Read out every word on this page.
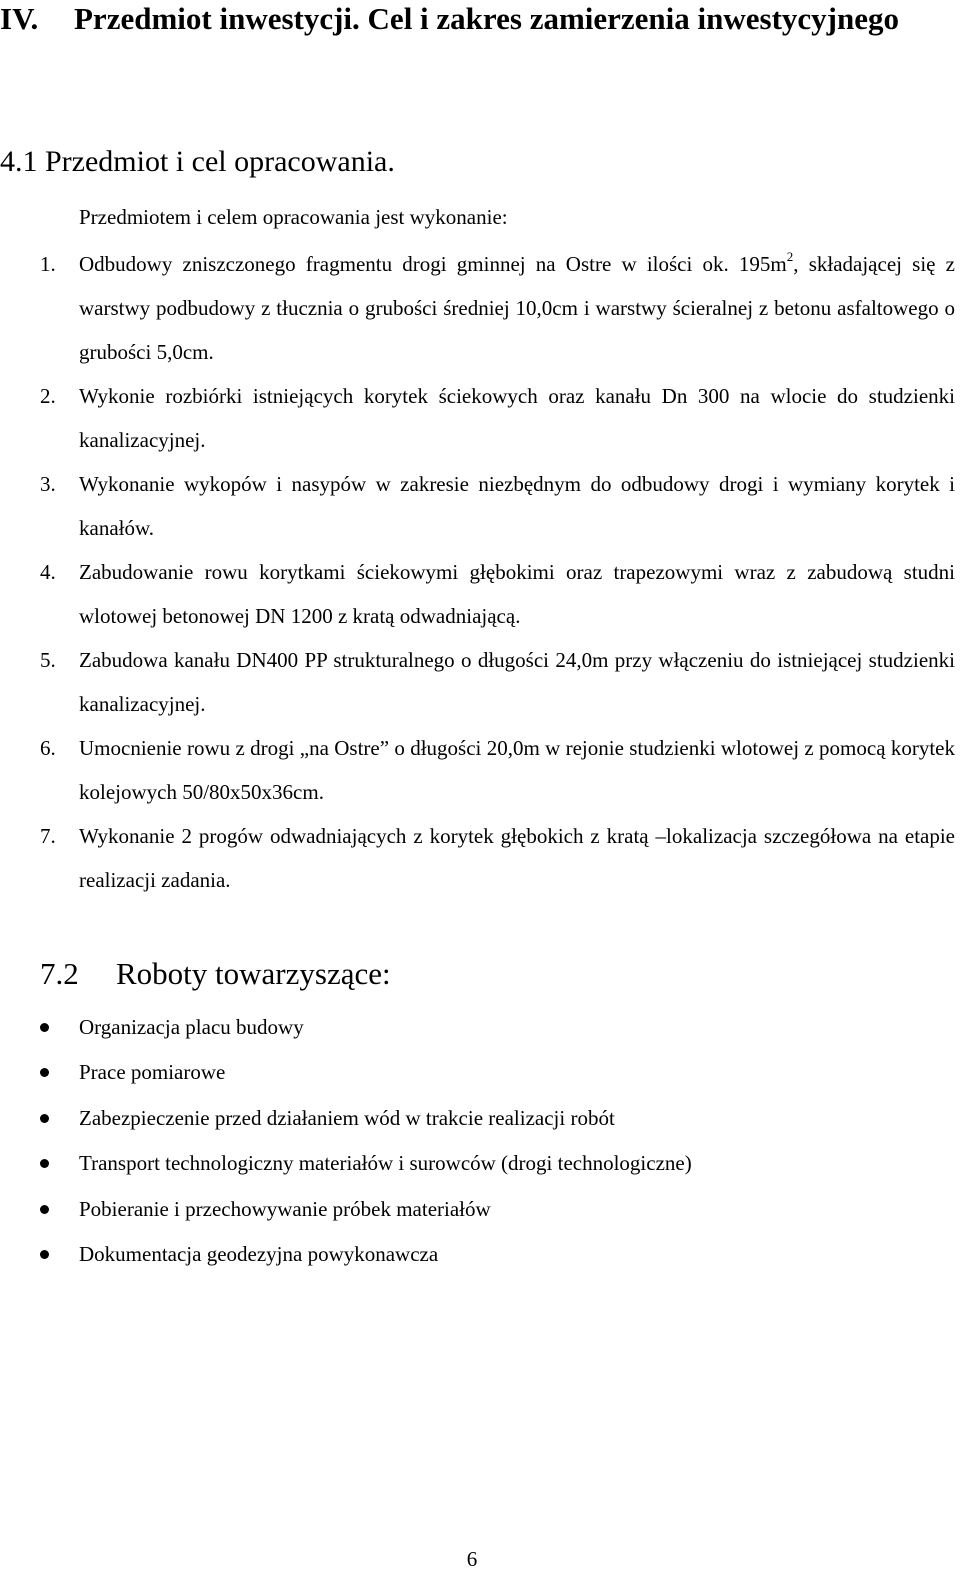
IV. Przedmiot inwestycji. Cel i zakres zamierzenia inwestycyjnego
4.1 Przedmiot i cel opracowania.

Przedmiotem i celem opracowania jest wykonanie:

1. Odbudowy zniszczonego fragmentu drogi gminnej na Ostre w ilości ok. $195m^2$, składającej się z warstwy podbudowy z tłucznia o grubości średniej 10,0cm i warstwy ścieralnej z betonu asfaltowego o grubości 5,0cm.
2. Wykonie rozbiórki istniejących korytek ściekowych oraz kanału Dn 300 na wlocie do studzienki kanalizacyjnej.
3. Wykonanie wykopów i nasypów w zakresie niezbędnym do odbudowy drogi i wymiany korytek i kanałów.
4. Zabudowanie rowu korytkami ściekowymi głębokimi oraz trapezowymi wraz z zabudową studni wlotowej betonowej DN 1200 z kratą odwadniającą.
5. Zabudowa kanału DN400 PP strukturalnego o długości 24,0m przy włączeniu do istniejącej studzienki kanalizacyjnej.
6. Umocnienie rowu z drogi „na Ostre” o długości 20,0m w rejonie studzienki wlotowej z pomocą korytek kolejowych 50/80x50x36cm.
7. Wykonanie 2 progów odwadniających z korytek głębokich z kratą –lokalizacja szczegółowa na etapie realizacji zadania.
7.2 Roboty towarzyszące:
Organizacja placu budowy
Prace pomiarowe
Zabezpieczenie przed działaniem wód w trakcie realizacji robót
Transport technologiczny materiałów i surowców (drogi technologiczne)
Pobieranie i przechowywanie próbek materiałów
Dokumentacja geodezyjna powykonawcza
6
